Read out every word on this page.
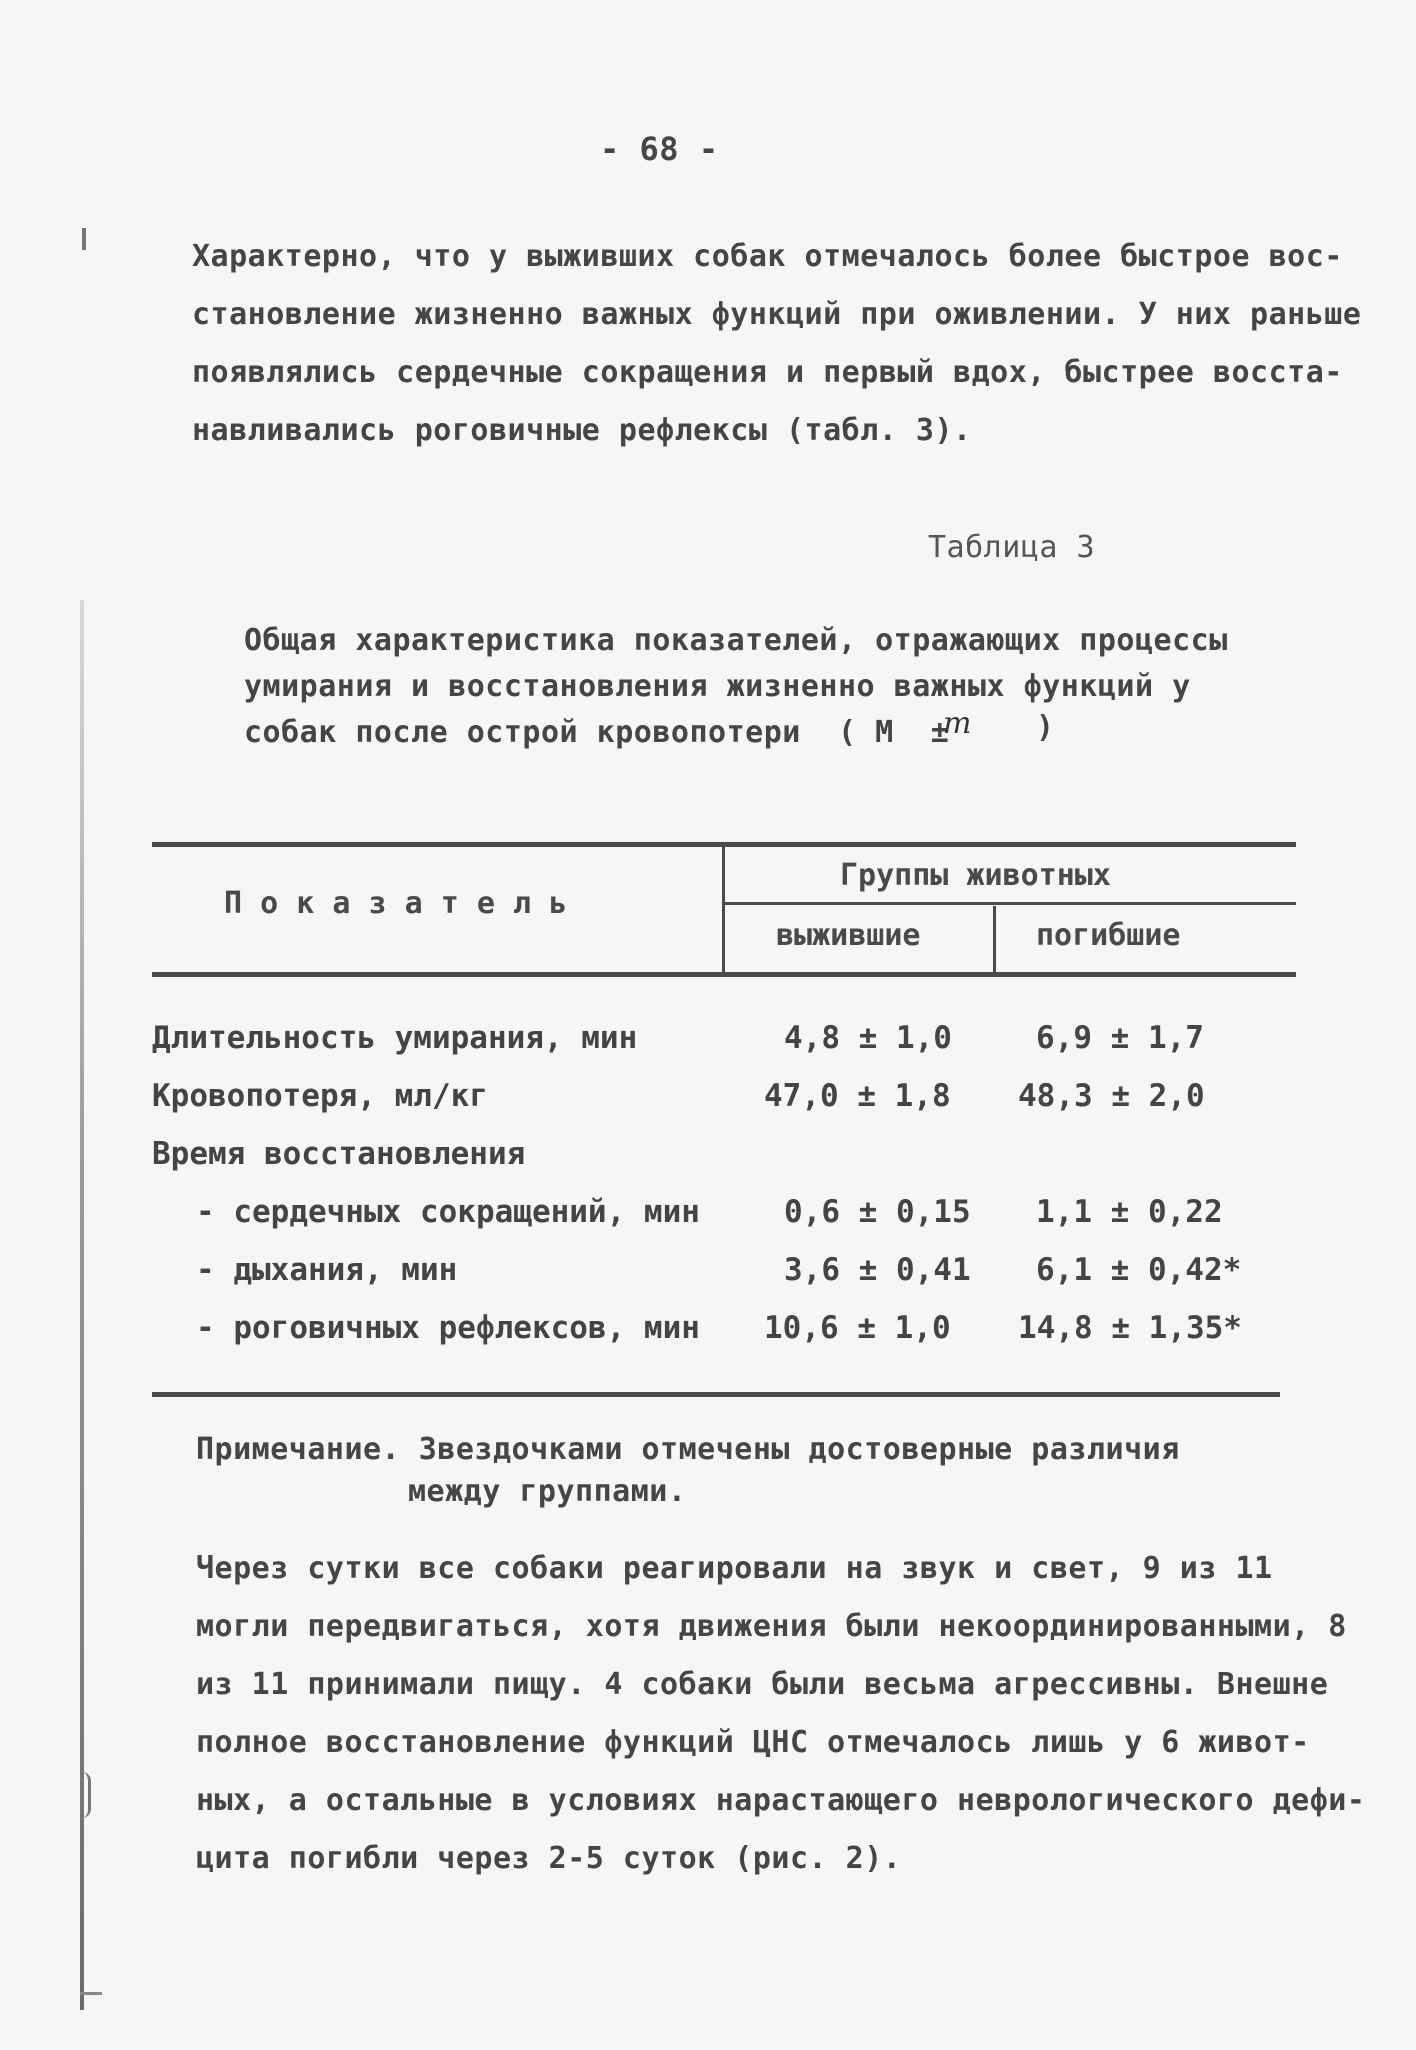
- 68 -
Характерно, что у выживших собак отмечалось более быстрое вос-
становление жизненно важных функций при оживлении. У них раньше
появлялись сердечные сокращения и первый вдох, быстрее восста-
навливались роговичные рефлексы (табл. 3).
Таблица 3
Общая характеристика показателей, отражающих процессы
умирания и восстановления жизненно важных функций у
собак после острой кровопотери  ( M  ±
m )
П о к а з а т е л ь
Группы животных
выжившие	погибшие
Длительность умирания, мин	4,8 ± 1,0	6,9 ± 1,7
Кровопотеря, мл/кг	47,0 ± 1,8 48,3 ± 2,0
Время восстановления
- сердечных сокращений, мин	0,6 ± 0,15 1,1 ± 0,22
- дыхания, мин	3,6 ± 0,41 6,1 ± 0,42*
- роговичных рефлексов, мин 10,6 ± 1,0 14,8 ± 1,35*
Примечание. Звездочками отмечены достоверные различия
между группами.
Через сутки все собаки реагировали на звук и свет, 9 из 11
могли передвигаться, хотя движения были некоординированными, 8
из 11 принимали пищу. 4 собаки были весьма агрессивны. Внешне
полное восстановление функций ЦНС отмечалось лишь у 6 живот-
ных, а остальные в условиях нарастающего неврологического дефи-
цита погибли через 2-5 суток (рис. 2).
